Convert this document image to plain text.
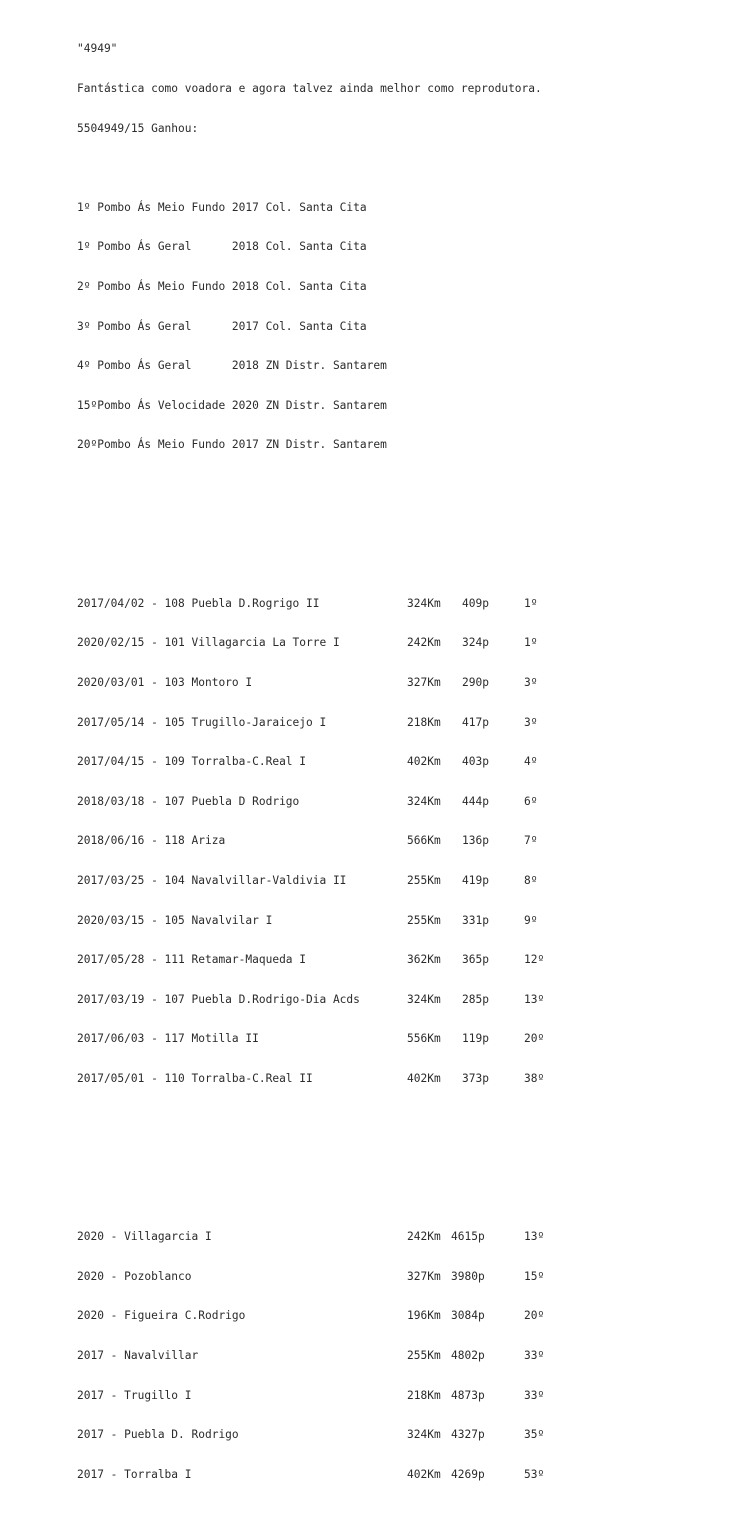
"4949"

Fantástica como voadora e agora talvez ainda melhor como reprodutora.

5504949/15 Ganhou:

1º Pombo Ás Meio Fundo 2017 Col. Santa Cita

1º Pombo Ás Geral      2018 Col. Santa Cita

2º Pombo Ás Meio Fundo 2018 Col. Santa Cita

3º Pombo Ás Geral      2017 Col. Santa Cita

4º Pombo Ás Geral      2018 ZN Distr. Santarem

15ºPombo Ás Velocidade 2020 ZN Distr. Santarem

20ºPombo Ás Meio Fundo 2017 ZN Distr. Santarem

2017/04/02 - 108 Puebla D.Rogrigo II	324Km 409p	1º

2020/02/15 - 101 Villagarcia La Torre I	242Km 324p	1º

2020/03/01 - 103 Montoro I	327Km 290p	3º

2017/05/14 - 105 Trugillo-Jaraicejo I	218Km 417p	3º

2017/04/15 - 109 Torralba-C.Real I	402Km 403p	4º

2018/03/18 - 107 Puebla D Rodrigo	324Km 444p	6º

2018/06/16 - 118 Ariza	566Km 136p	7º

2017/03/25 - 104 Navalvillar-Valdivia II	255Km 419p	8º

2020/03/15 - 105 Navalvilar I	255Km 331p	9º

2017/05/28 - 111 Retamar-Maqueda I	362Km 365p	12º

2017/03/19 - 107 Puebla D.Rodrigo-Dia Acds	324Km 285p	13º

2017/06/03 - 117 Motilla II	556Km 119p	20º

2017/05/01 - 110 Torralba-C.Real II	402Km 373p	38º

2020 - Villagarcia I	242Km 4615p	13º

2020 - Pozoblanco	327Km 3980p	15º

2020 - Figueira C.Rodrigo	196Km 3084p	20º

2017 - Navalvillar	255Km 4802p	33º

2017 - Trugillo I	218Km 4873p	33º

2017 - Puebla D. Rodrigo	324Km 4327p	35º

2017 - Torralba I	402Km 4269p	53º
